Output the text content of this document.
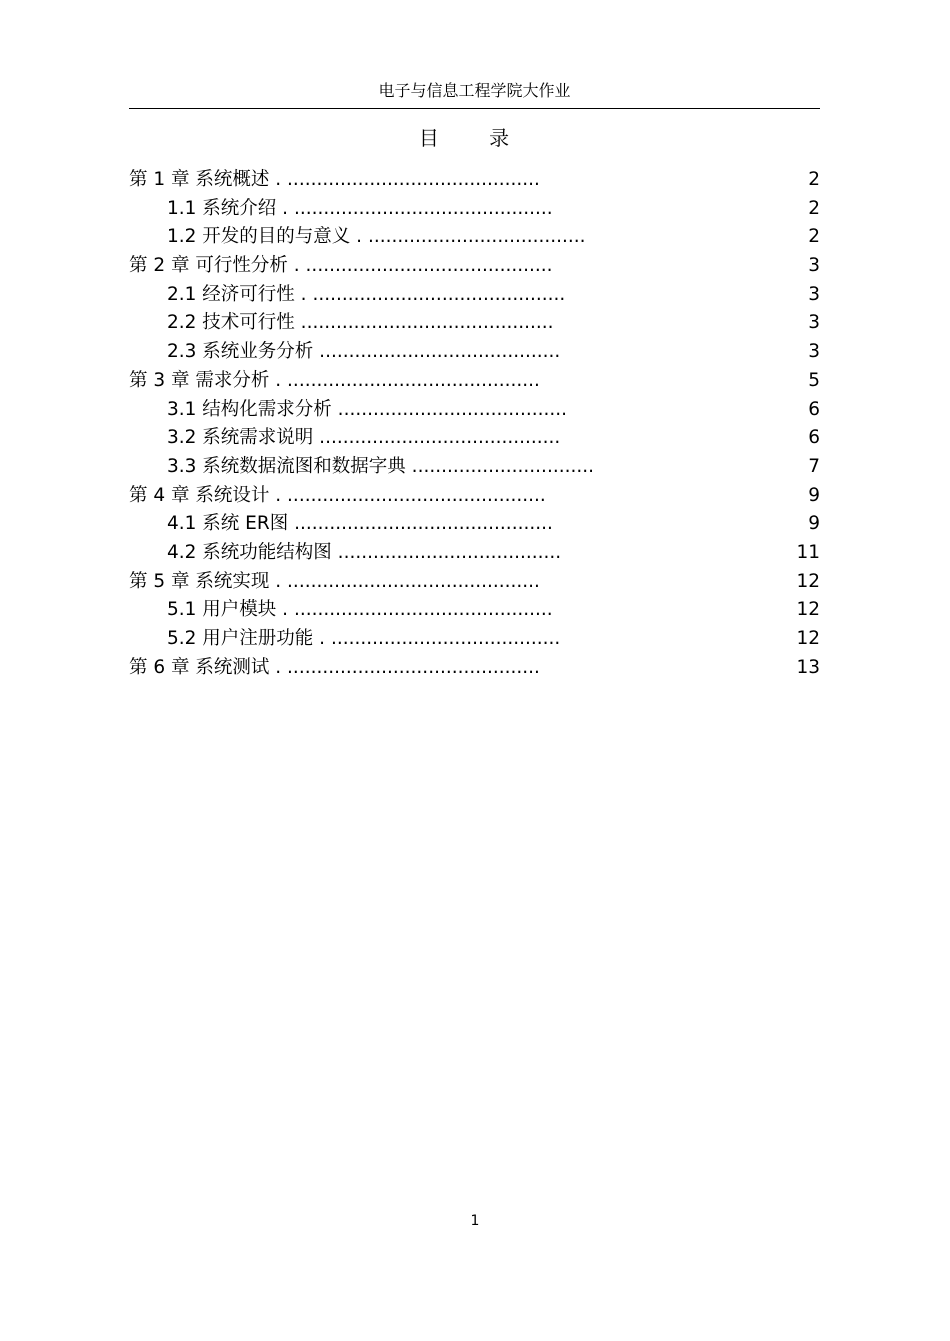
电子与信息工程学院大作业
目 录
第 1 章 系统概述 . ...........................................	2
1.1 系统介绍 . ............................................	2
1.2 开发的目的与意义 . .....................................	2
第 2 章 可行性分析 . ..........................................	3
2.1 经济可行性 . ...........................................	3
2.2 技术可行性 ...........................................	3
2.3 系统业务分析 .........................................	3
第 3 章 需求分析 . ...........................................	5
3.1 结构化需求分析 .......................................	6
3.2 系统需求说明 .........................................	6
3.3 系统数据流图和数据字典 ...............................	7
第 4 章 系统设计 . ............................................	9
4.1 系统 ER图 ............................................	9
4.2 系统功能结构图 ......................................	11
第 5 章 系统实现 . ...........................................	12
5.1 用户模块 . ............................................	12
5.2 用户注册功能 . .......................................	12
第 6 章 系统测试 . ...........................................	13
1
